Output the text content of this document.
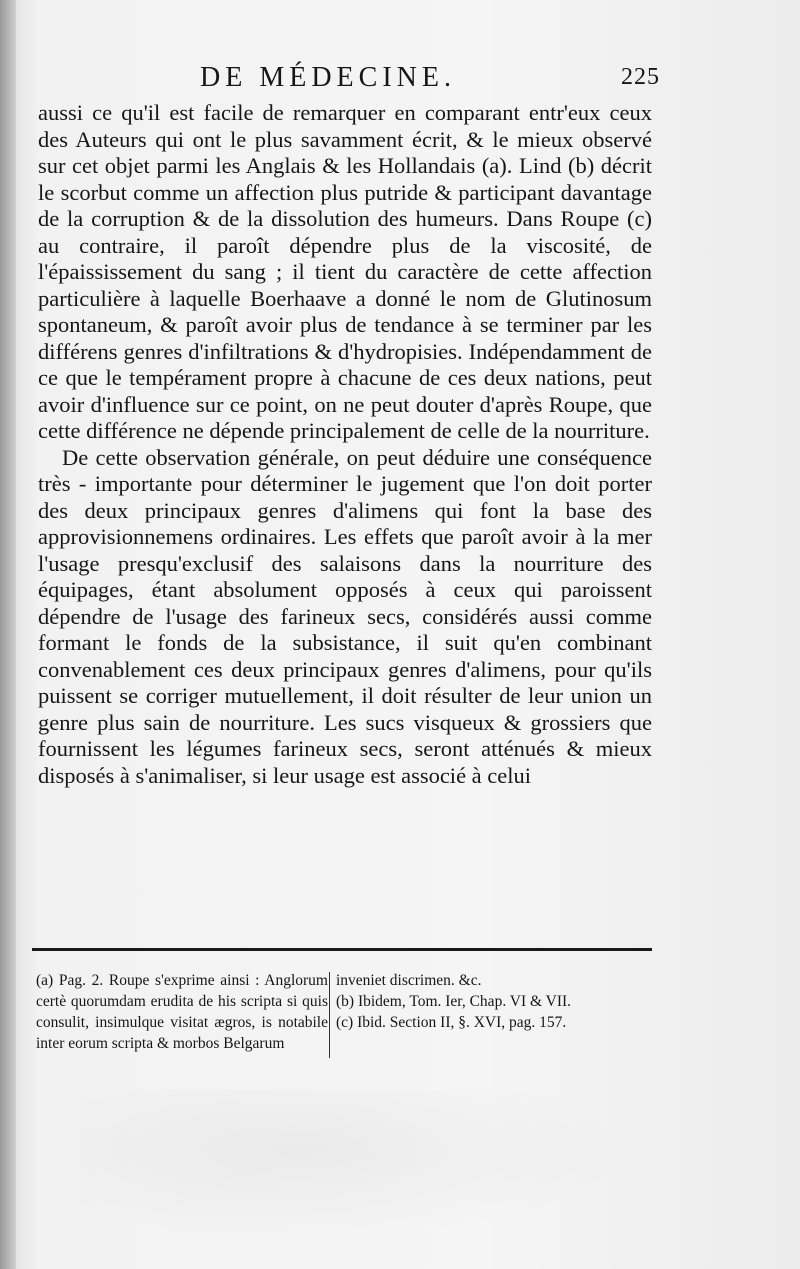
DE MÉDECINE.	225

aussi ce qu'il est facile de remarquer en comparant entr'eux ceux des Auteurs qui ont le plus savamment écrit, & le mieux observé sur cet objet parmi les Anglais & les Hollandais (a). Lind (b) décrit le scorbut comme un affection plus putride & participant davantage de la corruption & de la dissolution des humeurs. Dans Roupe (c) au contraire, il paroît dépendre plus de la viscosité, de l'épaississement du sang ; il tient du caractère de cette affection particulière à laquelle Boerhaave a donné le nom de Glutinosum spontaneum, & paroît avoir plus de tendance à se terminer par les différens genres d'infiltrations & d'hydropisies. Indépendamment de ce que le tempérament propre à chacune de ces deux nations, peut avoir d'influence sur ce point, on ne peut douter d'après Roupe, que cette différence ne dépende principalement de celle de la nourriture.

De cette observation générale, on peut déduire une conséquence très - importante pour déterminer le jugement que l'on doit porter des deux principaux genres d'alimens qui font la base des approvisionnemens ordinaires. Les effets que paroît avoir à la mer l'usage presqu'exclusif des salaisons dans la nourriture des équipages, étant absolument opposés à ceux qui paroissent dépendre de l'usage des farineux secs, considérés aussi comme formant le fonds de la subsistance, il suit qu'en combinant convenablement ces deux principaux genres d'alimens, pour qu'ils puissent se corriger mutuellement, il doit résulter de leur union un genre plus sain de nourriture. Les sucs visqueux & grossiers que fournissent les légumes farineux secs, seront atténués & mieux disposés à s'animaliser, si leur usage est associé à celui

(a) Pag. 2. Roupe s'exprime ainsi : Anglorum certè quorumdam erudita de his scripta si quis consulit, insimulque visitat ægros, is notabile inter eorum scripta & morbos Belgarum

inveniet discrimen. &c.

(b) Ibidem, Tom. Ier, Chap. VI & VII.

(c) Ibid. Section II, §. XVI, pag. 157.
